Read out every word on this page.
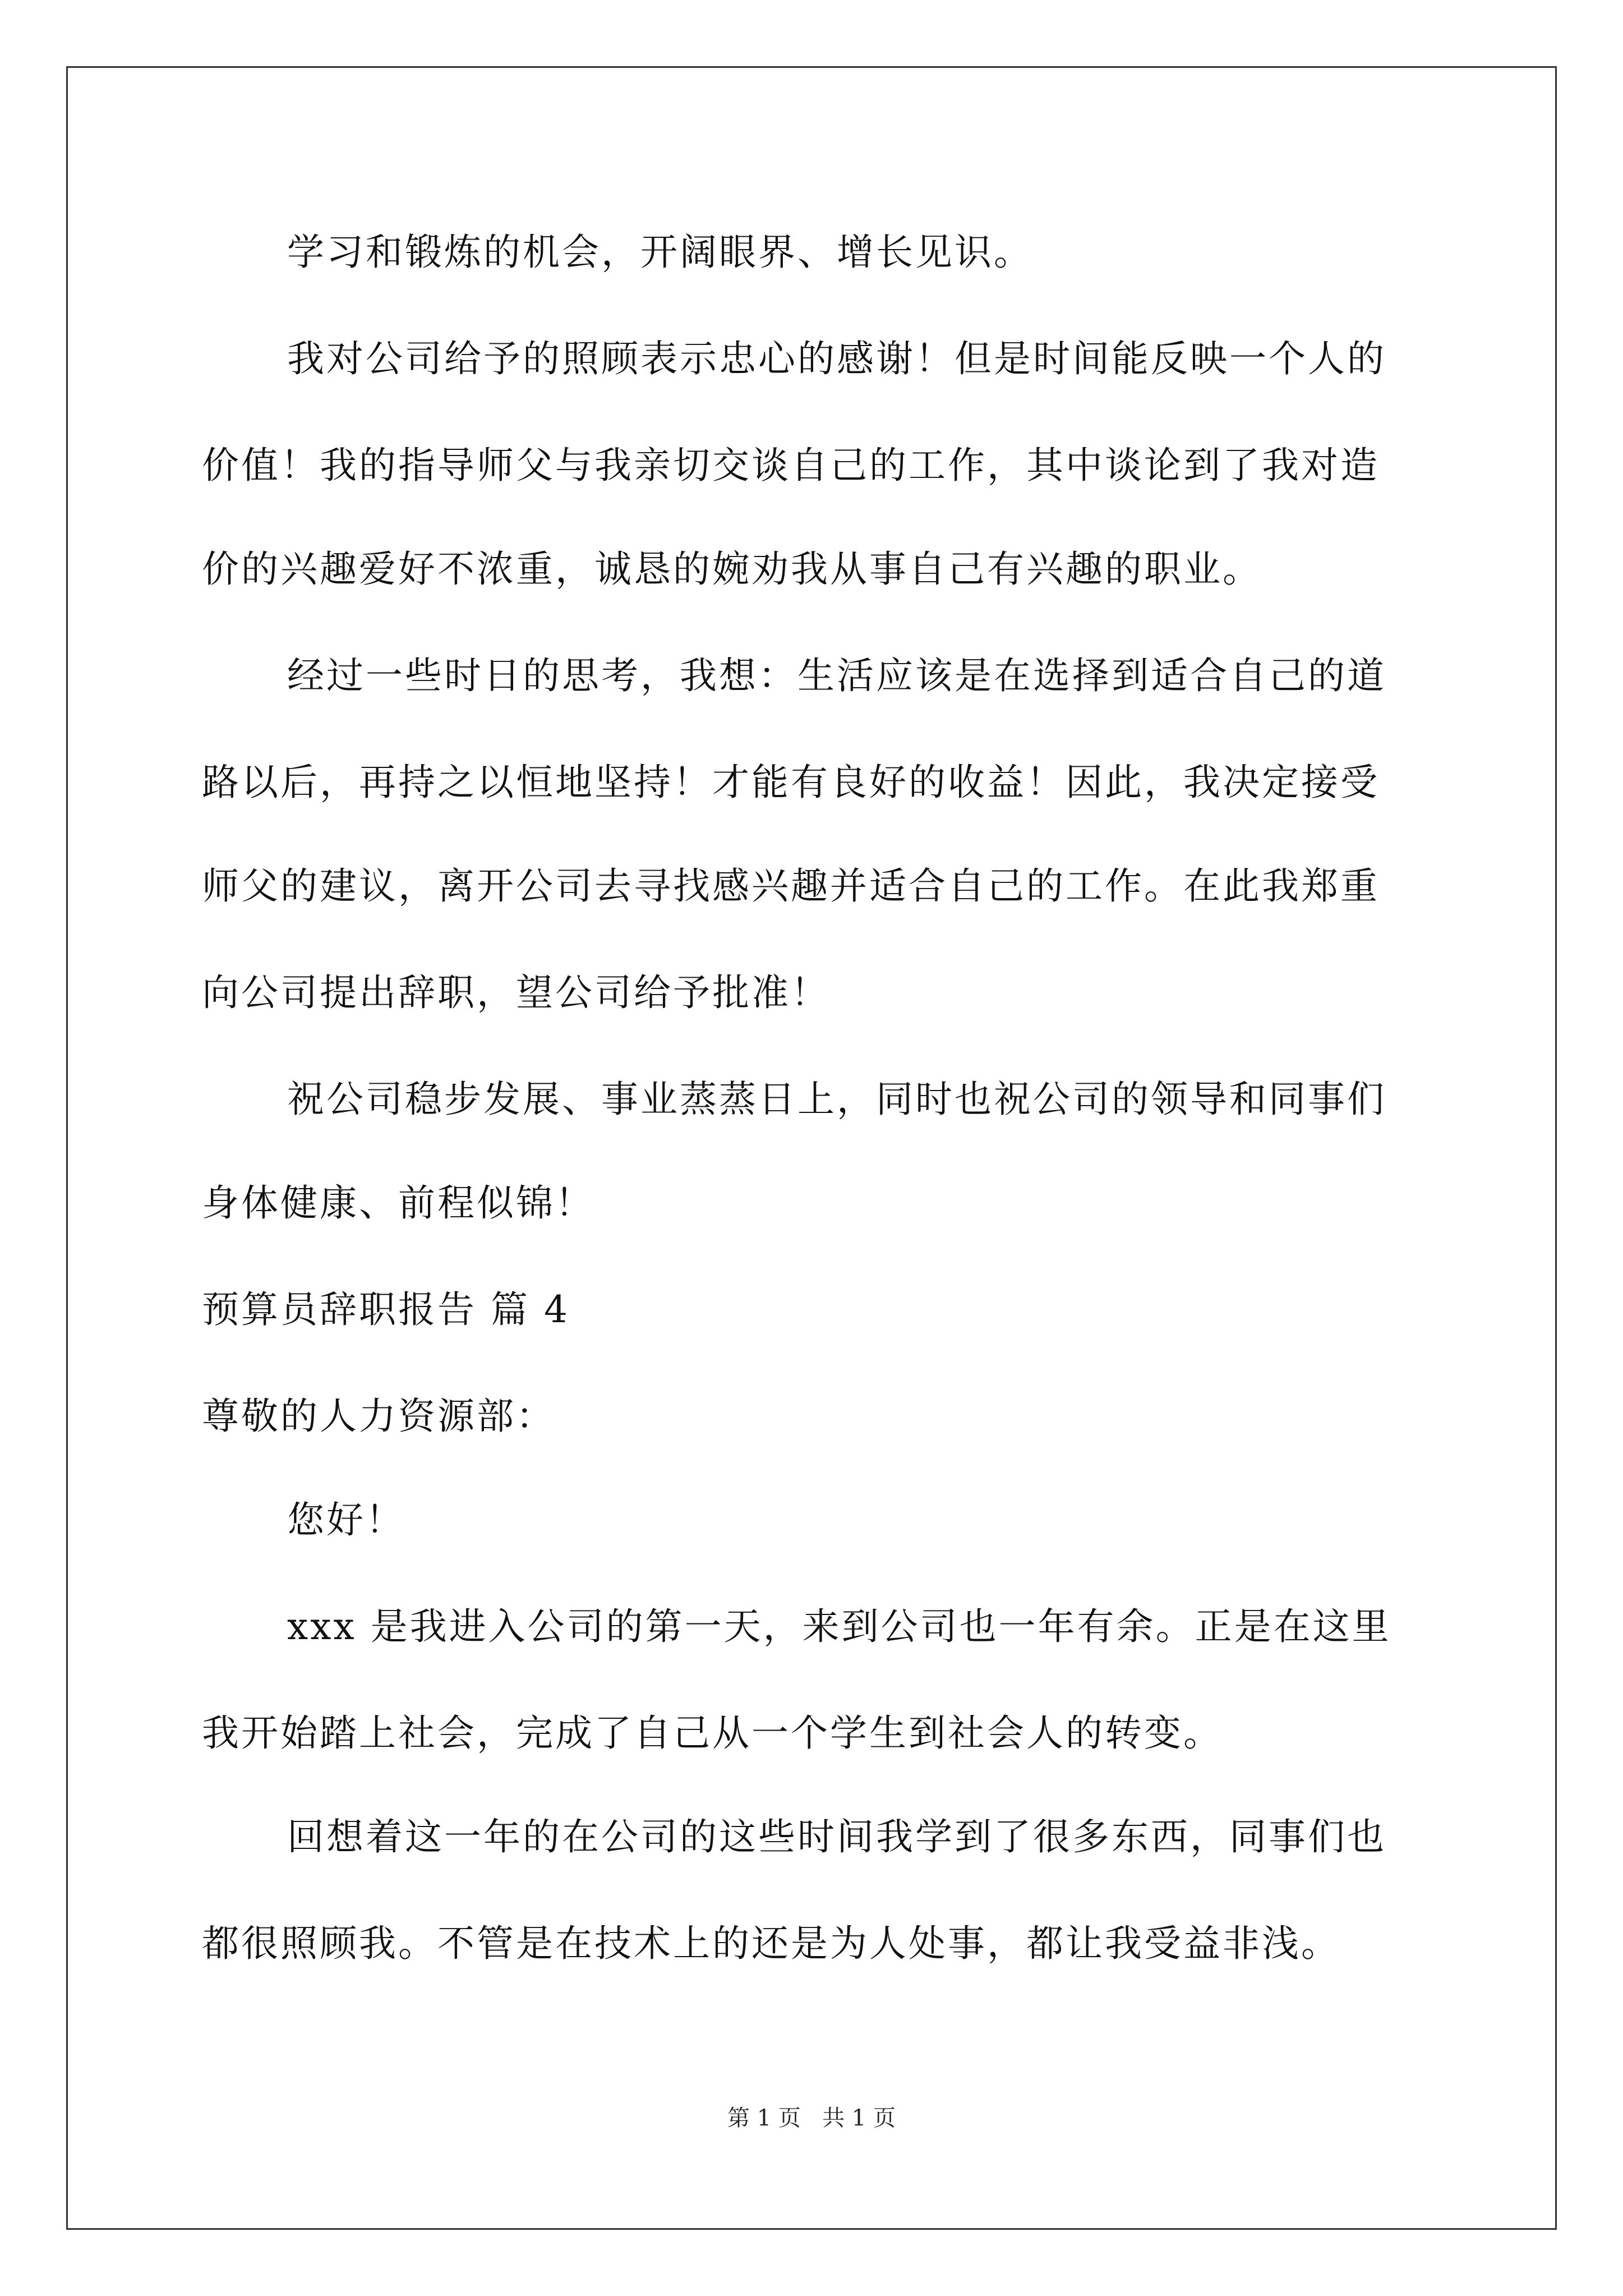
学习和锻炼的机会，开阔眼界、增长见识。
我对公司给予的照顾表示忠心的感谢！但是时间能反映一个人的
价值！我的指导师父与我亲切交谈自己的工作，其中谈论到了我对造
价的兴趣爱好不浓重，诚恳的婉劝我从事自己有兴趣的职业。
经过一些时日的思考，我想：生活应该是在选择到适合自己的道
路以后，再持之以恒地坚持！才能有良好的收益！因此，我决定接受
师父的建议，离开公司去寻找感兴趣并适合自己的工作。在此我郑重
向公司提出辞职，望公司给予批准！
祝公司稳步发展、事业蒸蒸日上，同时也祝公司的领导和同事们
身体健康、前程似锦！
预算员辞职报告 篇 4
尊敬的人力资源部：
您好！
xxx 是我进入公司的第一天，来到公司也一年有余。正是在这里
我开始踏上社会，完成了自己从一个学生到社会人的转变。
回想着这一年的在公司的这些时间我学到了很多东西，同事们也
都很照顾我。不管是在技术上的还是为人处事，都让我受益非浅。
第 1 页   共 1 页
